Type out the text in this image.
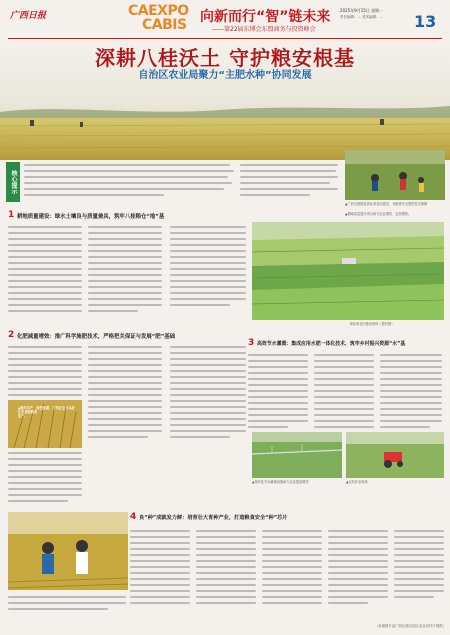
广西日报	CAEXPO
CABIS 向新而行“智”链未来
——第22届东博会东盟商务与投资峰会
2025年9月15日 星期一
责任编辑：… 美术编辑：… 13
深耕八桂沃土 守护粮安根基
自治区农业局聚力“主肥水种”协同发展
核心提示
▲广西全面推进高标准农田建设，为粮食安全提供坚实保障
▲耕地质量提升项目助力农业增效、农民增收。
1 耕地质量建设：绿水土壤良与质量兼具，筑牢八桂粮仓“地”基
高标准农田建设现场（资料图）
2 化肥减量增效：推广科学施肥技术，严格把关保证与发展“肥”基础
▲粮食丰产，绿色优质，广西正全力以赴
扎实推进粮食
生产。
3 高效节水灌溉：集成应用水肥一体化技术，筑牢乡村振兴资源“水”基
▲现代化节水灌溉设施助力农业提质增效	▲农机作业现场
4 良“种”成就发力鲜：培育壮大育种产业，打造粮食安全“种”芯片
（本版图片由广西壮族自治区农业农村厅提供）
